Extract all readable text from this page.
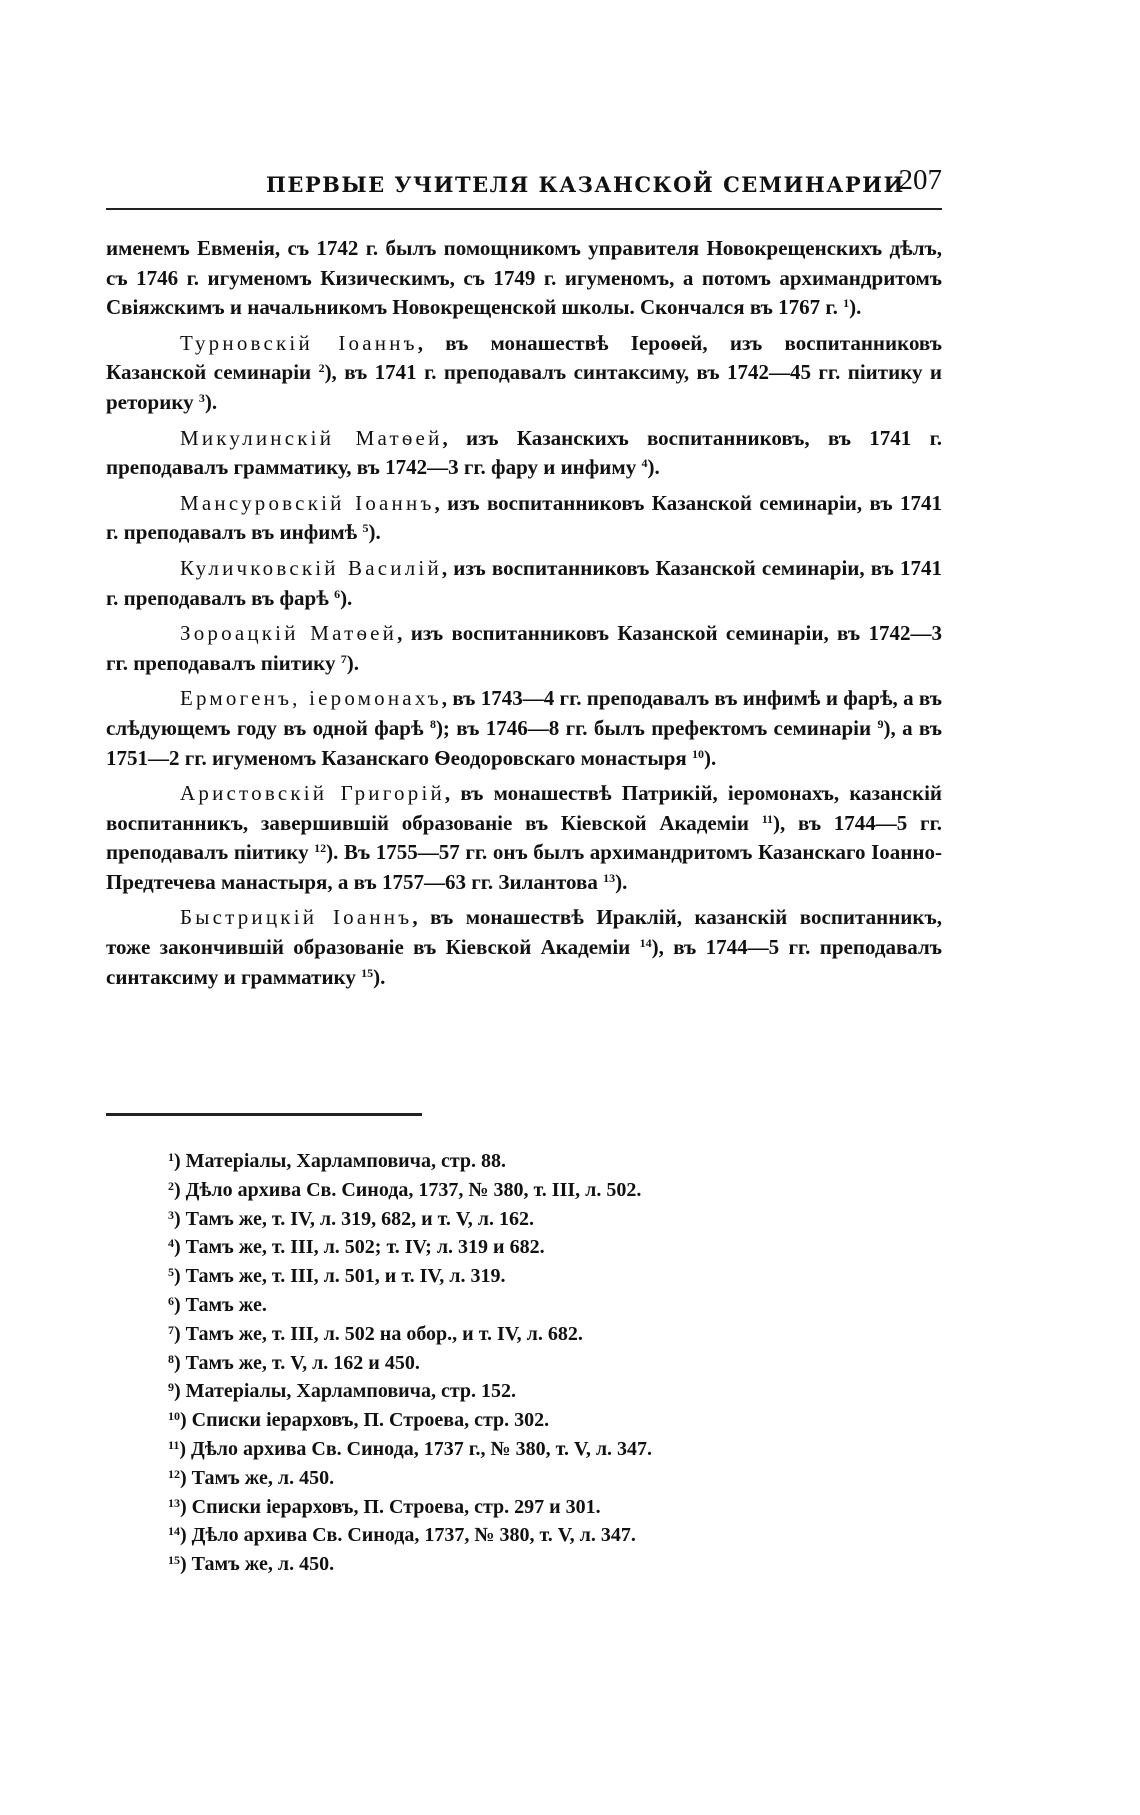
ПЕРВЫЕ УЧИТЕЛЯ КАЗАНСКОЙ СЕМИНАРИИ
207

именемъ Евменія, съ 1742 г. былъ помощникомъ управителя Новокрещенскихъ дѣлъ, съ 1746 г. игуменомъ Кизическимъ, съ 1749 г. игуменомъ, а потомъ архимандритомъ Свіяжскимъ и начальникомъ Новокрещенской школы. Скончался въ 1767 г. $^1$).

Турновскій Іоаннъ, въ монашествѣ Іероѳей, изъ воспитанниковъ Казанской семинаріи $^2$), въ 1741 г. преподавалъ синтаксиму, въ 1742—45 гг. піитику и реторику $^3$).

Микулинскій Матѳей, изъ Казанскихъ воспитанниковъ, въ 1741 г. преподавалъ грамматику, въ 1742—3 гг. фару и инфиму $^4$).

Мансуровскій Іоаннъ, изъ воспитанниковъ Казанской семинаріи, въ 1741 г. преподавалъ въ инфимѣ $^5$).

Куличковскій Василій, изъ воспитанниковъ Казанской семинаріи, въ 1741 г. преподавалъ въ фарѣ $^6$).

Зороацкій Матѳей, изъ воспитанниковъ Казанской семинаріи, въ 1742—3 гг. преподавалъ піитику $^7$).

Ермогенъ, іеромонахъ, въ 1743—4 гг. преподавалъ въ инфимѣ и фарѣ, а въ слѣдующемъ году въ одной фарѣ $^8$); въ 1746—8 гг. былъ префектомъ семинаріи $^9$), а въ 1751—2 гг. игуменомъ Казанскаго Ѳеодоровскаго монастыря $^{10}$).

Аристовскій Григорій, въ монашествѣ Патрикій, іеромонахъ, казанскій воспитанникъ, завершившій образованіе въ Кіевской Академіи $^{11}$), въ 1744—5 гг. преподавалъ піитику $^{12}$). Въ 1755—57 гг. онъ былъ архимандритомъ Казанскаго Іоанно-Предтечева манастыря, а въ 1757—63 гг. Зилантова $^{13}$).

Быстрицкій Іоаннъ, въ монашествѣ Ираклій, казанскій воспитанникъ, тоже закончившій образованіе въ Кіевской Академіи $^{14}$), въ 1744—5 гг. преподавалъ синтаксиму и грамматику $^{15}$).

$^1$) Матеріалы, Харламповича, стр. 88.
$^2$) Дѣло архива Св. Синода, 1737, № 380, т. III, л. 502.
$^3$) Тамъ же, т. IV, л. 319, 682, и т. V, л. 162.
$^4$) Тамъ же, т. III, л. 502; т. IV; л. 319 и 682.
$^5$) Тамъ же, т. III, л. 501, и т. IV, л. 319.
$^6$) Тамъ же.
$^7$) Тамъ же, т. III, л. 502 на обор., и т. IV, л. 682.
$^8$) Тамъ же, т. V, л. 162 и 450.
$^9$) Матеріалы, Харламповича, стр. 152.
$^{10}$) Списки іерарховъ, П. Строева, стр. 302.
$^{11}$) Дѣло архива Св. Синода, 1737 г., № 380, т. V, л. 347.
$^{12}$) Тамъ же, л. 450.
$^{13}$) Списки іерарховъ, П. Строева, стр. 297 и 301.
$^{14}$) Дѣло архива Св. Синода, 1737, № 380, т. V, л. 347.
$^{15}$) Тамъ же, л. 450.
